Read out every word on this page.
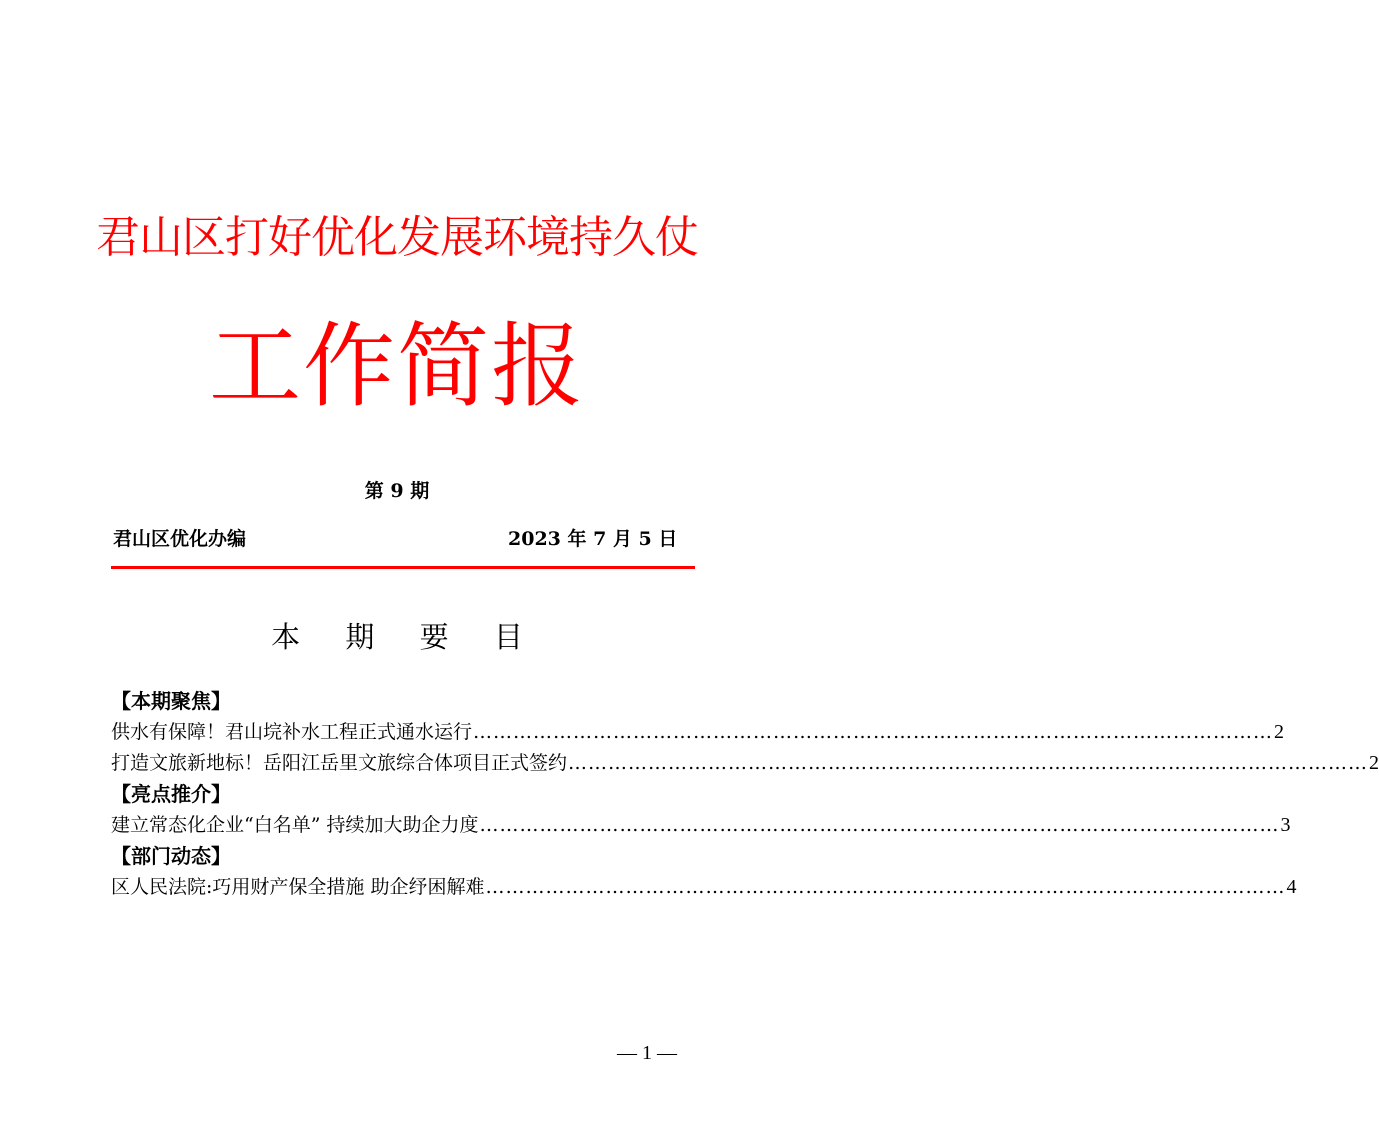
君山区打好优化发展环境持久仗
工作简报
第 9 期
君山区优化办编	2023 年 7 月 5 日
本 期 要 目
【本期聚焦】
供水有保障！君山垸补水工程正式通水运行 ………………………………………………………………………………………………………… 2
打造文旅新地标！岳阳江岳里文旅综合体项目正式签约 ………………………………………………………………………………………………………… 2
【亮点推介】
建立常态化企业“白名单” 持续加大助企力度 ………………………………………………………………………………………………………… 3
【部门动态】
区人民法院:巧用财产保全措施 助企纾困解难 ………………………………………………………………………………………………………… 4
— 1 —
